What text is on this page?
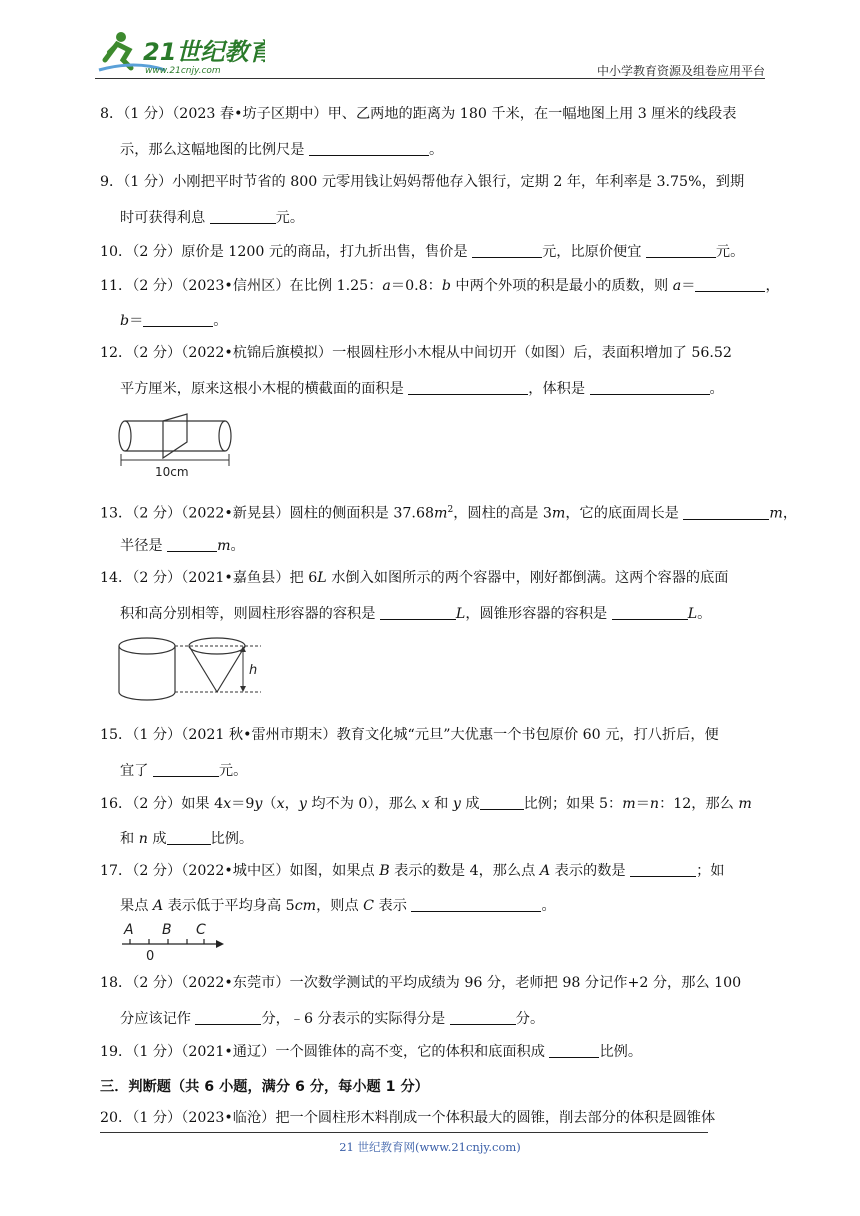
21世纪教育
www.21cnjy.com	中小学教育资源及组卷应用平台
8．（1 分）（2023 春•坊子区期中）甲、乙两地的距离为 180 千米，在一幅地图上用 3 厘米的线段表
示，那么这幅地图的比例尺是	。
9．（1 分）小刚把平时节省的 800 元零用钱让妈妈帮他存入银行，定期 2 年，年利率是 3.75%，到期
时可获得利息	元。
10．（2 分）原价是 1200 元的商品，打九折出售，售价是	元，比原价便宜	元。
11．（2 分）（2023•信州区）在比例 1.25：a＝0.8：b 中两个外项的积是最小的质数，则 a＝	，
b＝	。
12．（2 分）（2022•杭锦后旗模拟）一根圆柱形小木棍从中间切开（如图）后，表面积增加了 56.52
平方厘米，原来这根小木棍的横截面的面积是	，体积是	。
10cm
13．（2 分）（2022•新晃县）圆柱的侧面积是 $37.68m^2$，圆柱的高是 3m，它的底面周长是	m，
半径是	m。
14．（2 分）（2021•嘉鱼县）把 6L 水倒入如图所示的两个容器中，刚好都倒满。这两个容器的底面
积和高分别相等，则圆柱形容器的容积是	L，圆锥形容器的容积是	L。
h
15．（1 分）（2021 秋•雷州市期末）教育文化城“元旦”大优惠一个书包原价 60 元，打八折后，便
宜了	元。
16．（2 分）如果 4x＝9y（x，y 均不为 0），那么 x 和 y 成	比例；如果 5：m＝n：12，那么 m
和 n 成	比例。
17．（2 分）（2022•城中区）如图，如果点 B 表示的数是 4，那么点 A 表示的数是	；如
果点 A 表示低于平均身高 5cm，则点 C 表示	。
A B C
0
18．（2 分）（2022•东莞市）一次数学测试的平均成绩为 96 分，老师把 98 分记作+2 分，那么 100
分应该记作	分，﹣6 分表示的实际得分是	分。
19．（1 分）（2021•通辽）一个圆锥体的高不变，它的体积和底面积成	比例。
三．判断题（共 6 小题，满分 6 分，每小题 1 分）
20．（1 分）（2023•临沧）把一个圆柱形木料削成一个体积最大的圆锥，削去部分的体积是圆锥体
21 世纪教育网(www.21cnjy.com)
